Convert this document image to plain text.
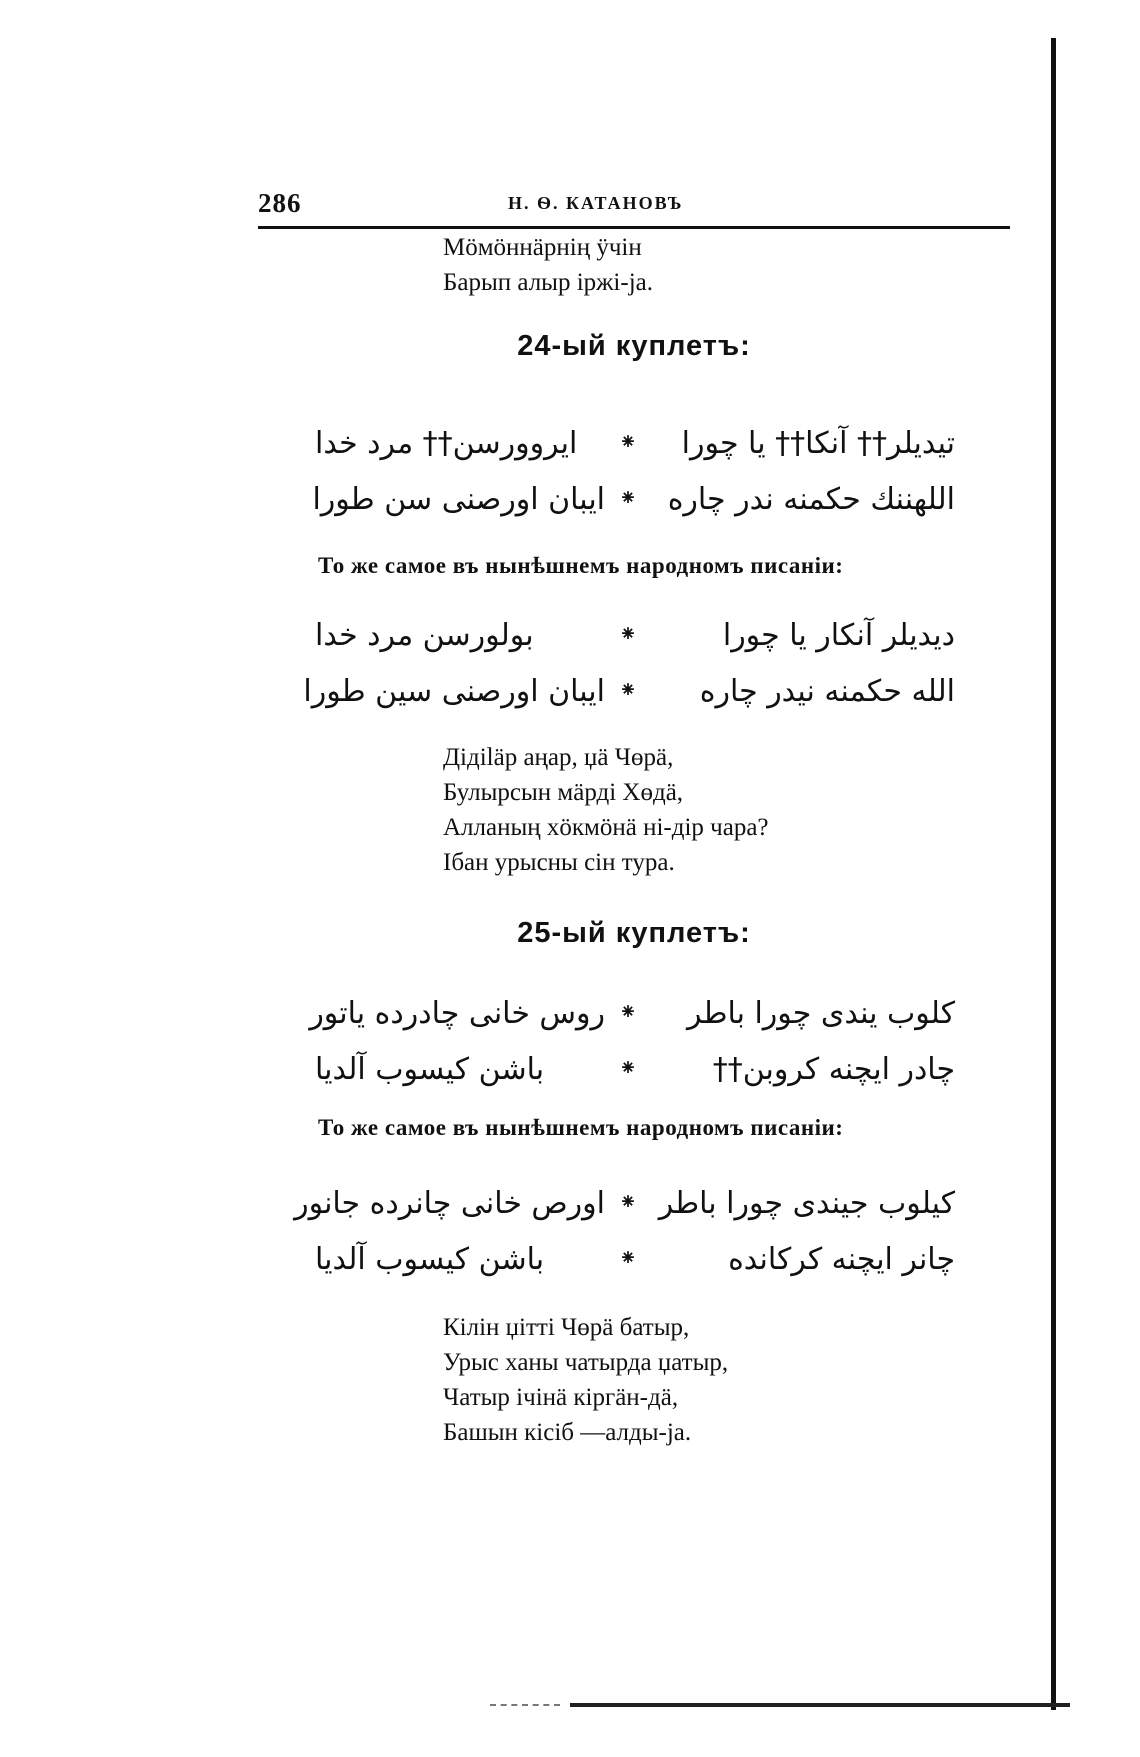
286	Н. Ѳ. КАТАНОВЪ
Мӧмӧннӓрнің ӱчін
Барып алыр іржі-ja.
24-ый куплетъ:
تیدیلر†† آنکا†† یا چورا
⁕
ایروورسن†† مرد خدا
اللهننك حكمنه ندر چاره
⁕
ایبان اورصنی سن طورا
То же самое въ нынѣшнемъ народномъ писаніи:
دیدیلر آنکار یا چورا
⁕
بولورسن مرد خدا
الله حکمنه نیدر چاره
⁕
ایبان اورصنی سین طورا
Дідіlӓр аңар, џӓ Чөрӓ,
Булырсын мӓрді Хөдӓ,
Алланың хӧкмӧнӓ ні-дір чара?
Ібан урысны сін тура.
25-ый куплетъ:
کلوب یندی چورا باطر
⁕
روس خانی چادرده یاتور
چادر ایچنه کروبن††
⁕
باشن کیسوب آلدیا
То же самое въ нынѣшнемъ народномъ писаніи:
کیلوب جیندی چورا باطر
⁕
اورص خانی چانرده جانور
چانر ایچنه کرکانده
⁕
باشن کیسوب آلدیا
Кілін џітті Чөрӓ батыр,
Урыс ханы чатырда џатыр,
Чатыр ічінӓ кіргӓн-дӓ,
Башын кісіб —алды-ја.
